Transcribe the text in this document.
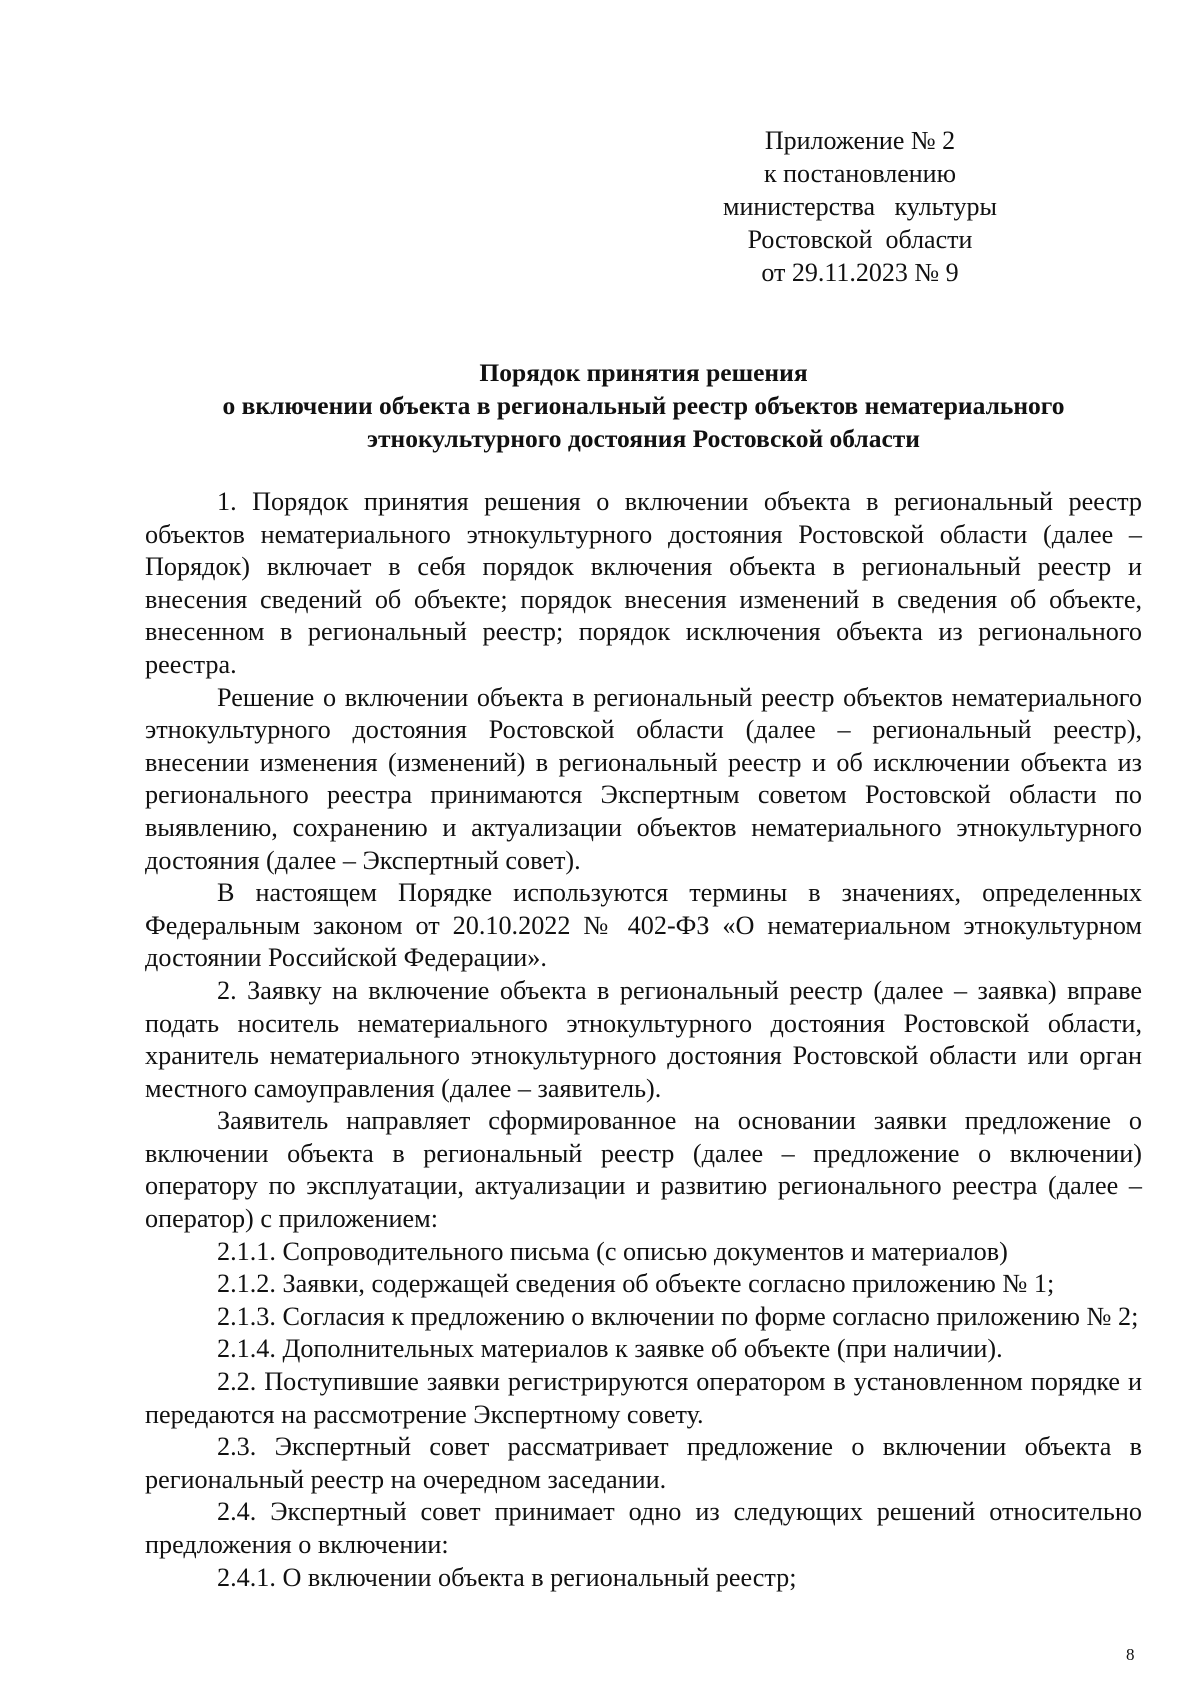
Приложение № 2
к постановлению
министерства   культуры
Ростовской  области
от 29.11.2023 № 9
Порядок принятия решения
о включении объекта в региональный реестр объектов нематериального
этнокультурного достояния Ростовской области

1. Порядок принятия решения о включении объекта в региональный реестр объектов нематериального этнокультурного достояния Ростовской области (далее – Порядок) включает в себя порядок включения объекта в региональный реестр и внесения сведений об объекте; порядок внесения изменений в сведения об объекте, внесенном в региональный реестр; порядок исключения объекта из регионального реестра.

Решение о включении объекта в региональный реестр объектов нематериального этнокультурного достояния Ростовской области (далее – региональный реестр), внесении изменения (изменений) в региональный реестр и об исключении объекта из регионального реестра принимаются Экспертным советом Ростовской области по выявлению, сохранению и актуализации объектов нематериального этнокультурного достояния (далее – Экспертный совет).

В настоящем Порядке используются термины в значениях, определенных Федеральным законом от 20.10.2022 № 402-ФЗ «О нематериальном этнокультурном достоянии Российской Федерации».

2. Заявку на включение объекта в региональный реестр (далее – заявка) вправе подать носитель нематериального этнокультурного достояния Ростовской области, хранитель нематериального этнокультурного достояния Ростовской области или орган местного самоуправления (далее – заявитель).

Заявитель направляет сформированное на основании заявки предложение о включении объекта в региональный реестр (далее – предложение о включении) оператору по эксплуатации, актуализации и развитию регионального реестра (далее – оператор) с приложением:

2.1.1. Сопроводительного письма (с описью документов и материалов)

2.1.2. Заявки, содержащей сведения об объекте согласно приложению № 1;

2.1.3. Согласия к предложению о включении по форме согласно приложению № 2;

2.1.4. Дополнительных материалов к заявке об объекте (при наличии).

2.2. Поступившие заявки регистрируются оператором в установленном порядке и передаются на рассмотрение Экспертному совету.

2.3. Экспертный совет рассматривает предложение о включении объекта в региональный реестр на очередном заседании.

2.4. Экспертный совет принимает одно из следующих решений относительно предложения о включении:

2.4.1. О включении объекта в региональный реестр;

8
